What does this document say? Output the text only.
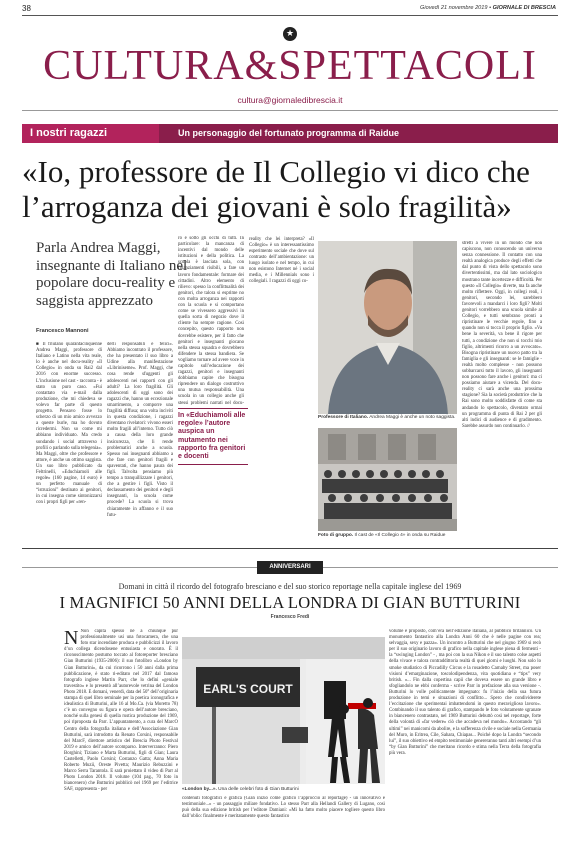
38	Giovedì 21 novembre 2019 • GIORNALE DI BRESCIA
★
CULTURA&SPETTACOLI
cultura@giornaledibrescia.it
I nostri ragazzi	Un personaggio del fortunato programma di Raidue
«Io, professore de Il Collegio vi dico che l’arroganza dei giovani è solo fragilità»
Parla Andrea Maggi, insegnante di Italiano nel popolare docu-reality e saggista apprezzato
Francesco Mannoni

■ Il friulano quarantacinquenne Andrea Maggi, professore di Italiano e Latino nella vita reale, lo è anche nel docu-reality «Il Collegio» in onda su Rai2 dal 2016 con enorme successo. L’inclusione nel cast - racconta - è stato un puro caso. «Fui contattato via e-mail dalla produzione, che mi chiedeva se volevo far parte di questo progetto. Pensavo fosse lo scherzo di un mio amico avvezzo a queste burle, ma ho dovuto ricredermi. Non so come mi abbiano individuato. Ma credo sondando i social attraverso i profili o parlando sulla telegenia». Ma Maggi, oltre che professore e attore, è anche un ottimo saggista. Un suo libro pubblicato da Feltrinelli, «Educhiamoli alle regole» (160 pagine, 14 euro) è un perfetto manuale di “istruzioni” destinato ai genitori, in cui insegna come sintonizzarsi con i propri figli per «ren-

derli responsabili e felici». Abbiamo incontrato il professore, che ha presentato il suo libro a Udine alla manifestazione «Libriniseme». Prof. Maggi, che cosa rende sfuggenti gli adolescenti nei rapporti con gli adulti? La loro fragilità. Gli adolescenti di oggi sono dei ragazzi che, hanno un eccezionale smarrimento, a comporre una fragilità diffusa; una volta inciviti in questa condizione, i ragazzi diventano rivelatori: vivono esseri molto fragili all’interno. Tutto ciò a causa della loro grande insicurezza, che li rende problematici anche a scuola. Spesso noi insegnanti abbiamo a che fare con genitori fragili e spaventati, che hanno paura dei figli. Talvolta pensiamo più tempo a tranquillizzare i genitori, che a gestire i figli. Visto il declassamento dei genitori e degli insegnanti, la scuola come procede? La scuola si trova chiaramente in affanno e il suo futu-

ro è sotto gli occhi di tutti. In particolare: la mancanza di incentivi dal mondo delle istituzioni e della politica. La scuola è lasciata sola, con finanziamenti risibili, a fare un lavoro fondamentale: formare dei cittadini. Altro elemento di rilievo: spesso la conflittualità dei genitori, che talora si esprime no con molta arroganza nei rapporti con la scuola e si comportano come se vivessero aggressivi in quella sorta di negozio dove il cliente ha sempre ragione. Così concepito, questo rapporto non dovrebbe esistere, per il fatto che genitori e insegnanti giocano nella stessa squadra e dovrebbero difendere la stessa bandiera. Se vogliamo tornare ad avere voce in capitolo sull’educazione dei ragazzi, genitori e insegnanti dobbiamo capire che bisogna riprendere un dialogo costruttivo una mutua responsabilità. Una scuola in un collegio anche gli stessi problemi narrati nel docu-

In «Educhiamoli alle regole» l’autore auspica un mutamento nei rapporto fra genitori e docenti

reality che lei interpreta? «Il Collegio» è un interessantissimo esperimento sociale che dove sul contrasto dell’ambientazione: un luogo isolato e nel tempo, in cui non esistono Internet né i social media, e i Millennials sono i collegiali. I ragazzi di oggi co-

Professore di Italiano. Andrea Maggi è anche un noto saggista.
Foto di gruppo. Il cast de «Il Collegio 4» in onda su Raidue

stretti a vivere in un mondo che non capiscono, non conoscendo un universo senza connessione. Il contatto con una realtà analogica produce degli effetti che dal punto di vista dello spettacolo sono divertentissimi, ma dal lato sociologico mostrano tante incertezze e difficoltà. Per questo «Il Collegio» diverte, ma fa anche molto riflettere. Oggi, in collegi reali, i genitori, secondo lei, sarebbero favorevoli a mandarci i loro figli? Molti genitori vorrebbero una scuola simile al Collegio, e tutti sembrano pronti a ripristinare le vecchie regole, fino a quando non si tocca il proprio figlio. «Va bene la severità, va bene il rigore per tutti, a condizione che non si tocchi mio figlio, altrimenti ricorro a un avvocato». Bisogna ripristinare un nuovo patto tra la famiglia e gli insegnanti: se le famiglie - realtà molto complesse - non possono sobbarcarsi tutto il lavoro, gli insegnanti non possono fare anche i genitori: ma ci possiamo aiutare a vicenda. Del docu-reality ci sarà anche una prossima stagione? Sia la società produttrice che la Rai sono molto soddisfatte di come sta andando lo spettacolo, diventato ormai un programma di punta di Rai 2 per gli alti indici di audience e di gradimento. Sarebbe assurdo non continuarlo. //

ANNIVERSARI
Domani in città il ricordo del fotografo bresciano e del suo storico reportage nella capitale inglese del 1969
I MAGNIFICI 50 ANNI DELLA LONDRA DI GIAN BUTTURINI
Francesco Fredi

N Non capita spesso né a chiunque pur professionalmente usi una fotocamera, che una foto star incendiate produca e pubblicizzi il lavoro d’un collega dicendosene entusiasta e onorato. È il riconoscimento postumo toccato al fotoreporter bresciano Gian Butturini (1935-2006): il suo fotolibro «London by Gian Butturini», da cui ricorrono i 50 anni dalla prima pubblicazione, è stato ri-editato nel 2017 dal famoso fotografo inglese Martin Parr, che lo definì «geniale travestito» e lo presentò all’autorevole vetrina del London Photo 2018. E domani, venerdì, data del 50° dell’originaria stampa di quel libro seminale per la poetica iconografica e idealistica di Butturini, alle 16 al Mo.Ca. (via Moretto 78) c’è un convegno su figura e opera dell’autore bresciano, nonché sulla genesi di quella rustica produzione del 1969, poi riproposta da Parr. L’appuntamento, a cura del MarcO Centro della fotografia italiana e dell’Associazione Gian Butturini, sarà introdotto da Renato Corsini, responsabile del MarcF, direttore artistico del Brescia Photo Festival 2019 e amico dell’autore scomparso. Interverranno: Piero Borghini; Tiziano e Marta Butturini, figli di Gian; Laura Castelletti, Paolo Corsini; Costanzo Gatta; Anna Maria Roberto Muzii, Oreste Pivetta; Maurizio Rebuzzini e Marco Serra Tarantola. E sarà proiettato il video di Parr al Photo London 2018. Il volume (104 pag., 70 foto in biancenero) che Butturini pubblicò nel 1969 per l’editrice SAF, rappresenta - per

EARL'S COURT
«London by...». Una delle celebri foto di Gian Butturini

contenuti fotografici e grafica (Gian iniziò come grafico l’approccio al reportage) - un innovativo e testimoniale...» - un passaggio miliare fondativo. Lo stesso Parr alla Hellandi Gallery di Lugano, così può della sua edizione british per l’editore Damiani: «Mi ha fatto molto piacere togliere questo libro dall’oblio: finalmente è meritatamente questo fantastico

volume è proposto, com’era nell’edizione italiana, al pubblico britannico. Un monumento fantastico alla Londra Anni 60 che è nelle pagine con rea; selvaggia, sexy e pazza». Un incontro a Butturini che nel giugno 1969 si recò per il suo originario lavoro di grafico nella capitale inglese piena di fermenti - la “swinging London” - , ma poi con la sua Nikon e il suo talento colse aspetti della vivace e talora contraddittoria realtà di quei giorni e luoghi. Non solo lo smoke studiatico di Piccadilly Circus e la rosadetto Carnaby Street, ma poser visioni d’emarginazione, toscolodipendenza, vita quotidiana e “tips” very british. «... Fin dalla copertina capii che doveva essere un grande libro e sfogliandolo ne ebbi conferma - scrive Parr in prefazione alla sua versione -. Butturini lo volle politicamente impegnato: fu l’inizio della sua futura produzione in temi e situazioni di conflitto... Spero che condividerete l’eccitazione che sperimentai imbattendomi in questo meraviglioso lavoro». Combinando il suo talento di grafico, stampando le foto volutamente sgranate in biancenero contrastato, nel 1969 Butturini debuttò così nel reportage, forte della volontà di «far vedere» ciò che accadeva nel mondo». Accostando “gli ultimi” nei manicomi da abolire, e la sofferenza civile e sociale nella Germania del Muro, in Eritrea, Cile, Sahara, Chiapas... Poiché dopo la Londra “secondo lui”, il suo obiettivo ed empito testimoniale genereranno tanti altri esempi d’un “by Gian Butturini” che meritano ricordo e stima nella Terra della fotografia più vera.
